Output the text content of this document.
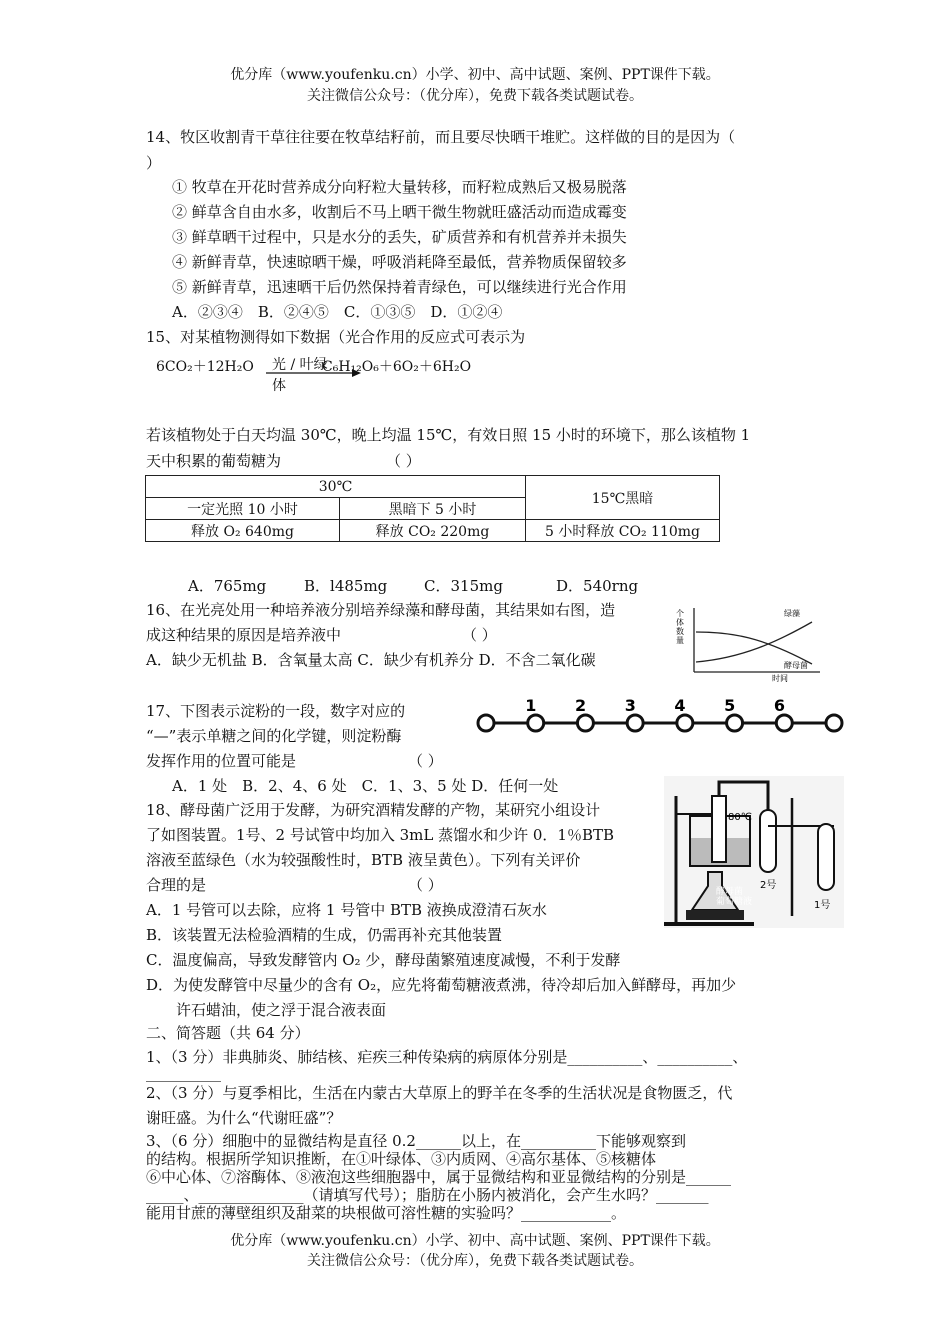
优分库（www.youfenku.cn）小学、初中、高中试题、案例、PPT课件下载。
关注微信公众号：（优分库），免费下载各类试题试卷。
14、牧区收割青干草往往要在牧草结籽前，而且要尽快晒干堆贮。这样做的目的是因为（
）
① 牧草在开花时营养成分向籽粒大量转移，而籽粒成熟后又极易脱落
② 鲜草含自由水多，收割后不马上晒干微生物就旺盛活动而造成霉变
③ 鲜草晒干过程中，只是水分的丢失，矿质营养和有机营养并未损失
④ 新鲜青草，快速晾晒干燥，呼吸消耗降至最低，营养物质保留较多
⑤ 新鲜青草，迅速晒干后仍然保持着青绿色，可以继续进行光合作用
A．②③④　B．②④⑤　C．①③⑤　D．①②④
15、对某植物测得如下数据（光合作用的反应式可表示为
6CO₂＋12H₂O 光 / 叶绿
体
C₆H₁₂O₆＋6O₂＋6H₂O
若该植物处于白天均温 30℃，晚上均温 15℃，有效日照 15 小时的环境下，那么该植物 1
天中积累的葡萄糖为	（ ）
30℃		15℃黑暗
一定光照 10 小时	黑暗下 5 小时	
释放 O₂ 640mg	释放 CO₂ 220mg	5 小时释放 CO₂ 110mg
A．765mg	B．l485mg C．315mg	D．540rng
16、在光亮处用一种培养液分别培养绿藻和酵母菌，其结果如右图，造
成这种结果的原因是培养液中	（ ）
A．缺少无机盐 B．含氧量太高 C．缺少有机养分 D．不含二氧化碳
个体数量
绿藻
酵母菌
时间
17、下图表示淀粉的一段，数字对应的
“—”表示单糖之间的化学键，则淀粉酶
发挥作用的位置可能是	（ ）
A．1 处　B．2、4、6 处　C．1、3、5 处 D．任何一处
1 2 3 4 5 6
18、酵母菌广泛用于发酵，为研究酒精发酵的产物，某研究小组设计
了如图装置。1号、2 号试管中均加入 3mL 蒸馏水和少许 0．1％BTB
溶液至蓝绿色（水为较强酸性时，BTB 液呈黄色）。下列有关评价
合理的是	（ ）
A．1 号管可以去除，应将 1 号管中 BTB 液换成澄清石灰水
B．该装置无法检验酒精的生成，仍需再补充其他装置
C．温度偏高，导致发酵管内 O₂ 少，酵母菌繁殖速度减慢，不利于发酵
D．为使发酵管中尽量少的含有 O₂，应先将葡萄糖液煮沸，待冷却后加入鲜酵母，再加少
许石蜡油，使之浮于混合液表面
80℃
2号
1号
酵母菌
葡萄糖液
二、简答题（共 64 分）
1、（3 分）非典肺炎、肺结核、疟疾三种传染病的病原体分别是__________、__________、
__________
2、（3 分）与夏季相比，生活在内蒙古大草原上的野羊在冬季的生活状况是食物匮乏，代
谢旺盛。为什么“代谢旺盛”？
3、（6 分）细胞中的显微结构是直径 0.2______以上，在__________下能够观察到
的结构。根据所学知识推断，在①叶绿体、③内质网、④高尔基体、⑤核糖体
⑥中心体、⑦溶酶体、⑧液泡这些细胞器中，属于显微结构和亚显微结构的分别是______
_____、______________（请填写代号）；脂肪在小肠内被消化，会产生水吗？_______
能用甘蔗的薄壁组织及甜菜的块根做可溶性糖的实验吗？____________。
优分库（www.youfenku.cn）小学、初中、高中试题、案例、PPT课件下载。
关注微信公众号：（优分库），免费下载各类试题试卷。
